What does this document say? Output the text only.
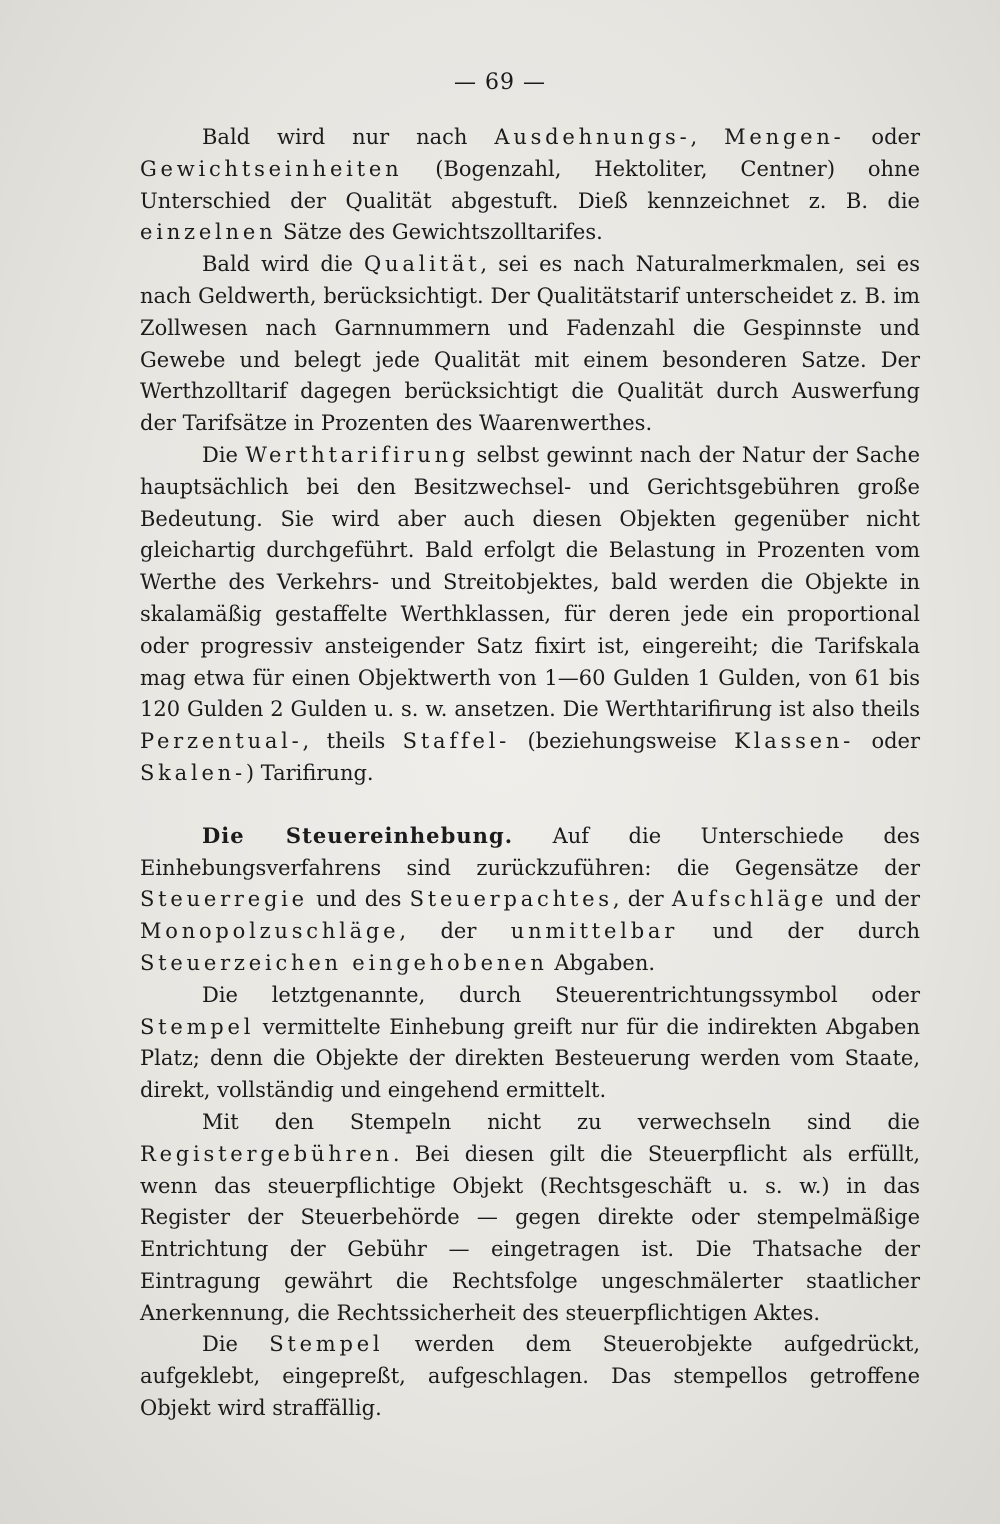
— 69 —

Bald wird nur nach Ausdehnungs-, Mengen- oder Gewichtseinheiten (Bogenzahl, Hektoliter, Centner) ohne Unterschied der Qualität abgestuft. Dieß kennzeichnet z. B. die einzelnen Sätze des Gewichtszolltarifes.

Bald wird die Qualität, sei es nach Naturalmerkmalen, sei es nach Geldwerth, berücksichtigt. Der Qualitätstarif unterscheidet z. B. im Zollwesen nach Garnnummern und Fadenzahl die Gespinnste und Gewebe und belegt jede Qualität mit einem besonderen Satze. Der Werthzolltarif dagegen berücksichtigt die Qualität durch Auswerfung der Tarifsätze in Prozenten des Waarenwerthes.

Die Werthtarifirung selbst gewinnt nach der Natur der Sache hauptsächlich bei den Besitzwechsel- und Gerichtsgebühren große Bedeutung. Sie wird aber auch diesen Objekten gegenüber nicht gleichartig durchgeführt. Bald erfolgt die Belastung in Prozenten vom Werthe des Verkehrs- und Streitobjektes, bald werden die Objekte in skalamäßig gestaffelte Werthklassen, für deren jede ein proportional oder progressiv ansteigender Satz fixirt ist, eingereiht; die Tarifskala mag etwa für einen Objektwerth von 1—60 Gulden 1 Gulden, von 61 bis 120 Gulden 2 Gulden u. s. w. ansetzen. Die Werthtarifirung ist also theils Perzentual-, theils Staffel- (beziehungsweise Klassen- oder Skalen-) Tarifirung.

Die Steuereinhebung. Auf die Unterschiede des Einhebungsverfahrens sind zurückzuführen: die Gegensätze der Steuerregie und des Steuerpachtes, der Aufschläge und der Monopolzuschläge, der unmittelbar und der durch Steuerzeichen eingehobenen Abgaben.

Die letztgenannte, durch Steuerentrichtungssymbol oder Stempel vermittelte Einhebung greift nur für die indirekten Abgaben Platz; denn die Objekte der direkten Besteuerung werden vom Staate, direkt, vollständig und eingehend ermittelt.

Mit den Stempeln nicht zu verwechseln sind die Registergebühren. Bei diesen gilt die Steuerpflicht als erfüllt, wenn das steuerpflichtige Objekt (Rechtsgeschäft u. s. w.) in das Register der Steuerbehörde — gegen direkte oder stempelmäßige Entrichtung der Gebühr — eingetragen ist. Die Thatsache der Eintragung gewährt die Rechtsfolge ungeschmälerter staatlicher Anerkennung, die Rechtssicherheit des steuerpflichtigen Aktes.

Die Stempel werden dem Steuerobjekte aufgedrückt, aufgeklebt, eingepreßt, aufgeschlagen. Das stempellos getroffene Objekt wird straffällig.
